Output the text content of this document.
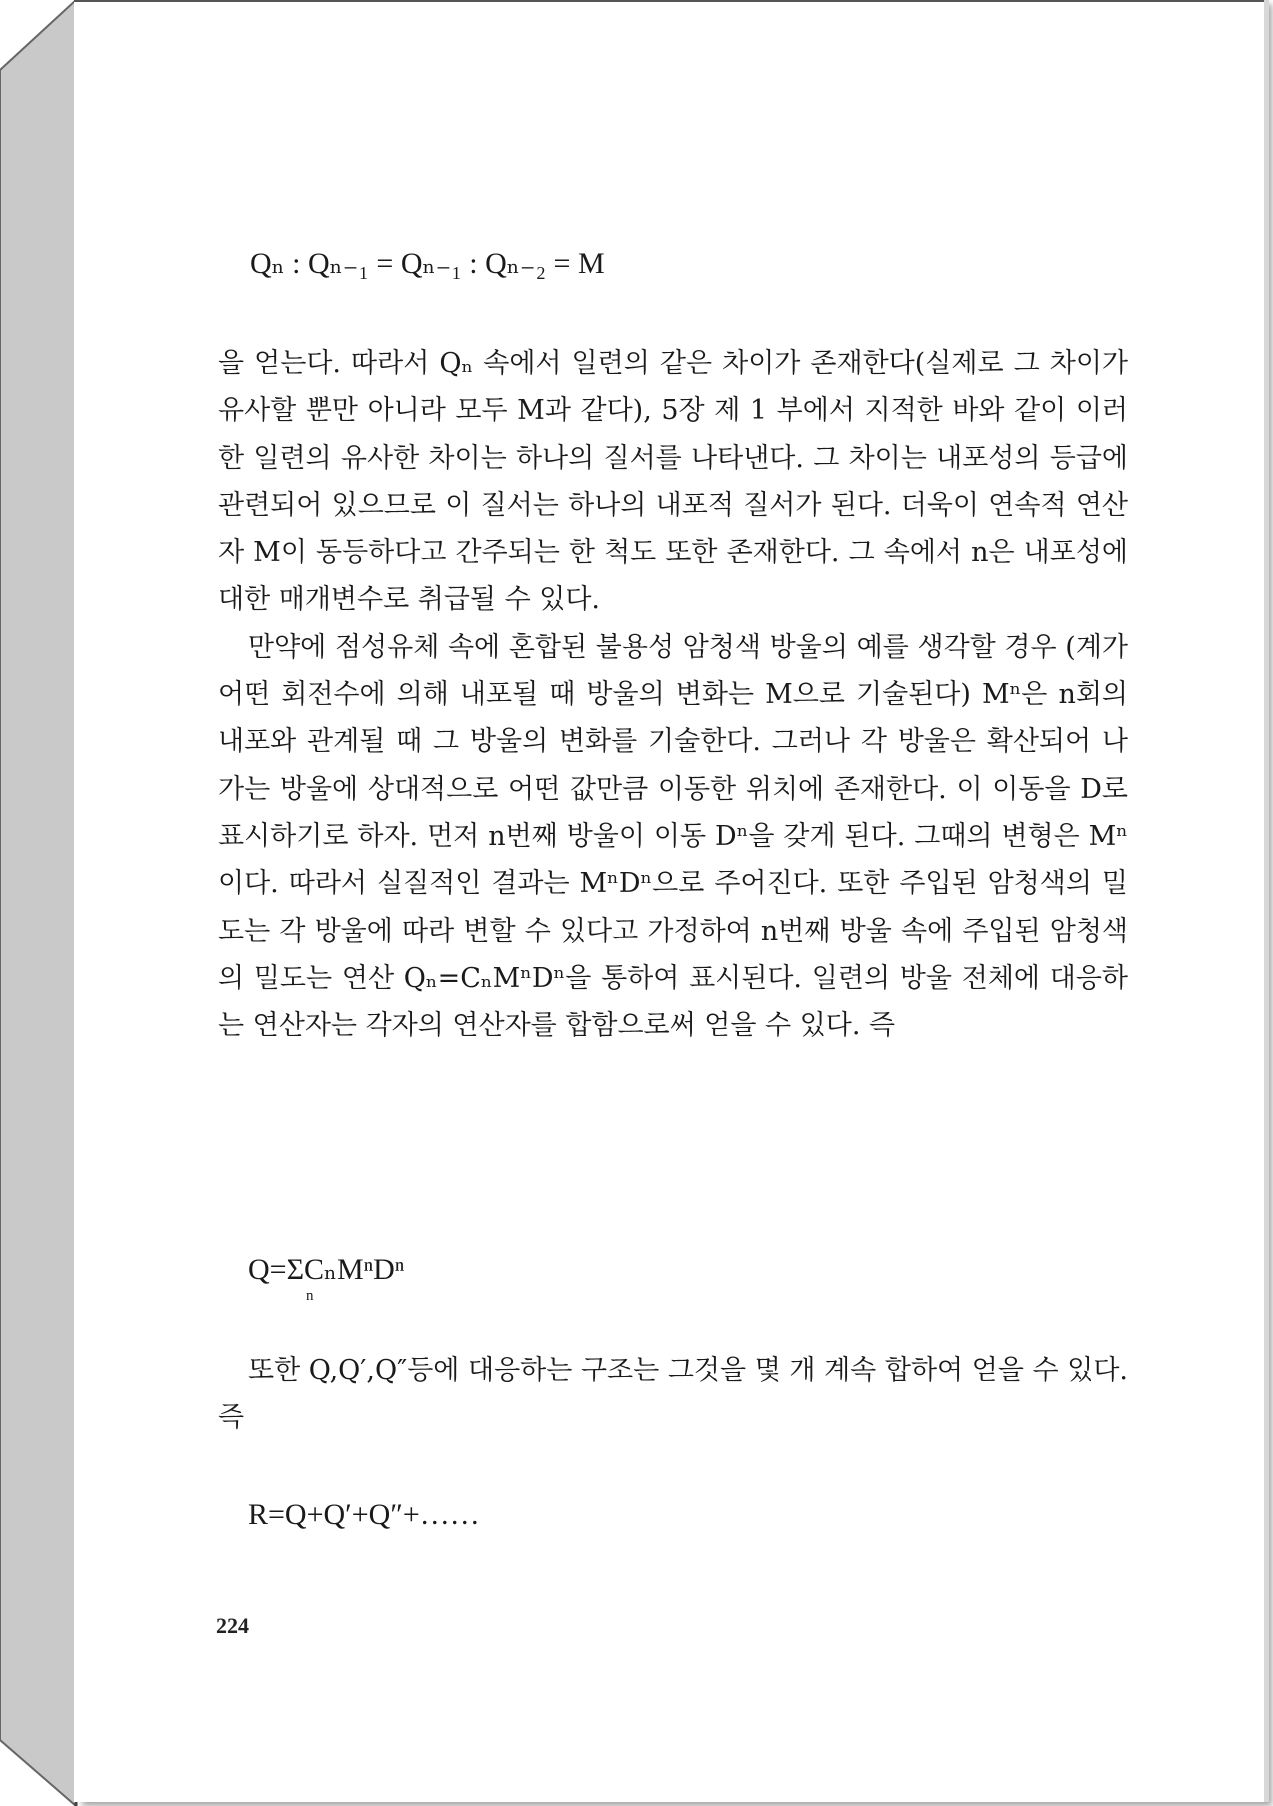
Qₙ : Qₙ₋₁ = Qₙ₋₁ : Qₙ₋₂ = M

을 얻는다. 따라서 Qₙ 속에서 일련의 같은 차이가 존재한다(실제로 그 차이가 유사할 뿐만 아니라 모두 M과 같다), 5장 제 1 부에서 지적한 바와 같이 이러한 일련의 유사한 차이는 하나의 질서를 나타낸다. 그 차이는 내포성의 등급에 관련되어 있으므로 이 질서는 하나의 내포적 질서가 된다. 더욱이 연속적 연산자 M이 동등하다고 간주되는 한 척도 또한 존재한다. 그 속에서 n은 내포성에 대한 매개변수로 취급될 수 있다.

만약에 점성유체 속에 혼합된 불용성 암청색 방울의 예를 생각할 경우 (계가 어떤 회전수에 의해 내포될 때 방울의 변화는 M으로 기술된다) Mⁿ은 n회의 내포와 관계될 때 그 방울의 변화를 기술한다. 그러나 각 방울은 확산되어 나가는 방울에 상대적으로 어떤 값만큼 이동한 위치에 존재한다. 이 이동을 D로 표시하기로 하자. 먼저 n번째 방울이 이동 Dⁿ을 갖게 된다. 그때의 변형은 Mⁿ이다. 따라서 실질적인 결과는 MⁿDⁿ으로 주어진다. 또한 주입된 암청색의 밀도는 각 방울에 따라 변할 수 있다고 가정하여 n번째 방울 속에 주입된 암청색의 밀도는 연산 Qₙ=CₙMⁿDⁿ을 통하여 표시된다. 일련의 방울 전체에 대응하는 연산자는 각자의 연산자를 합함으로써 얻을 수 있다. 즉

Q=ΣCₙMⁿDⁿ
n

또한 Q,Q′,Q″등에 대응하는 구조는 그것을 몇 개 계속 합하여 얻을 수 있다. 즉

R=Q+Q′+Q″+……
224
